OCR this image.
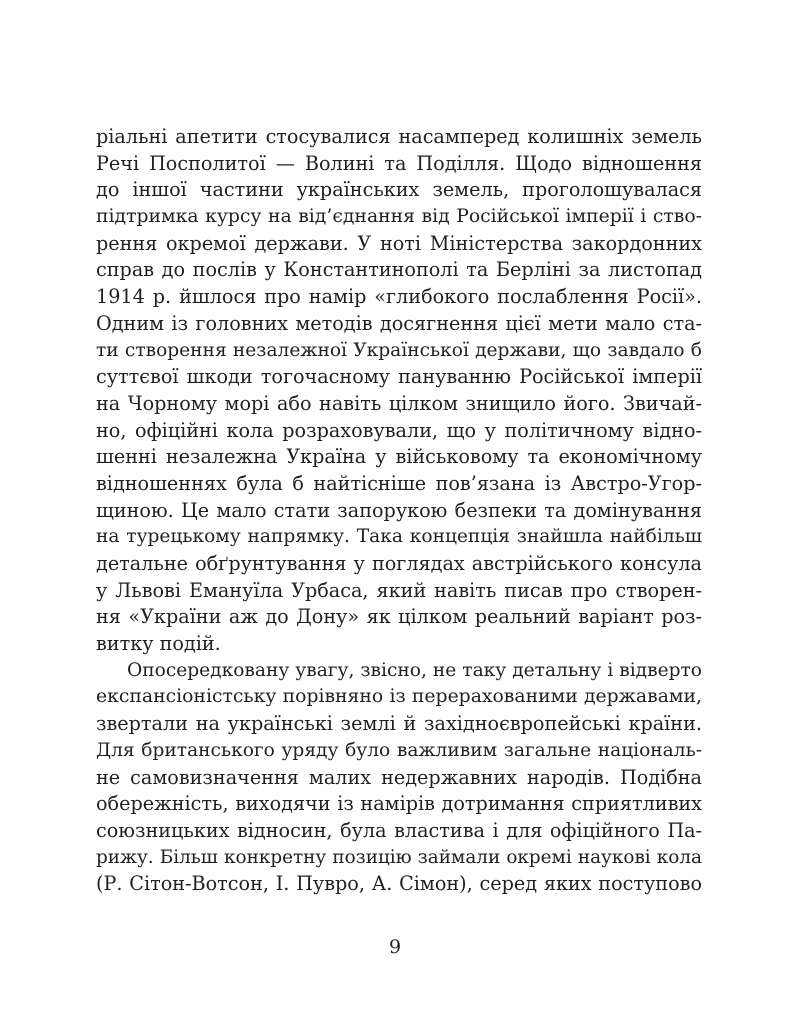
ріальні апетити стосувалися насамперед колишніх земель
Речі Посполитої — Волині та Поділля. Щодо відношення
до іншої частини українських земель, проголошувалася
підтримка курсу на від’єднання від Російської імперії і ство-
рення окремої держави. У ноті Міністерства закордонних
справ до послів у Константинополі та Берліні за листопад
1914 р. йшлося про намір «глибокого послаблення Росії».
Одним із головних методів досягнення цієї мети мало ста-
ти створення незалежної Української держави, що завдало б
суттєвої шкоди тогочасному пануванню Російської імперії
на Чорному морі або навіть цілком знищило його. Звичай-
но, офіційні кола розраховували, що у політичному відно-
шенні незалежна Україна у військовому та економічному
відношеннях була б найтісніше пов’язана із Австро-Угор-
щиною. Це мало стати запорукою безпеки та домінування
на турецькому напрямку. Така концепція знайшла найбільш
детальне обґрунтування у поглядах австрійського консула
у Львові Емануїла Урбаса, який навіть писав про створен-
ня «України аж до Дону» як цілком реальний варіант роз-
витку подій.
Опосередковану увагу, звісно, не таку детальну і відверто
експансіоністську порівняно із перерахованими державами,
звертали на українські землі й західноєвропейські країни.
Для британського уряду було важливим загальне національ-
не самовизначення малих недержавних народів. Подібна
обережність, виходячи із намірів дотримання сприятливих
союзницьких відносин, була властива і для офіційного Па-
рижу. Більш конкретну позицію займали окремі наукові кола
(Р. Сітон-Вотсон, І. Пувро, А. Сімон), серед яких поступово
9
